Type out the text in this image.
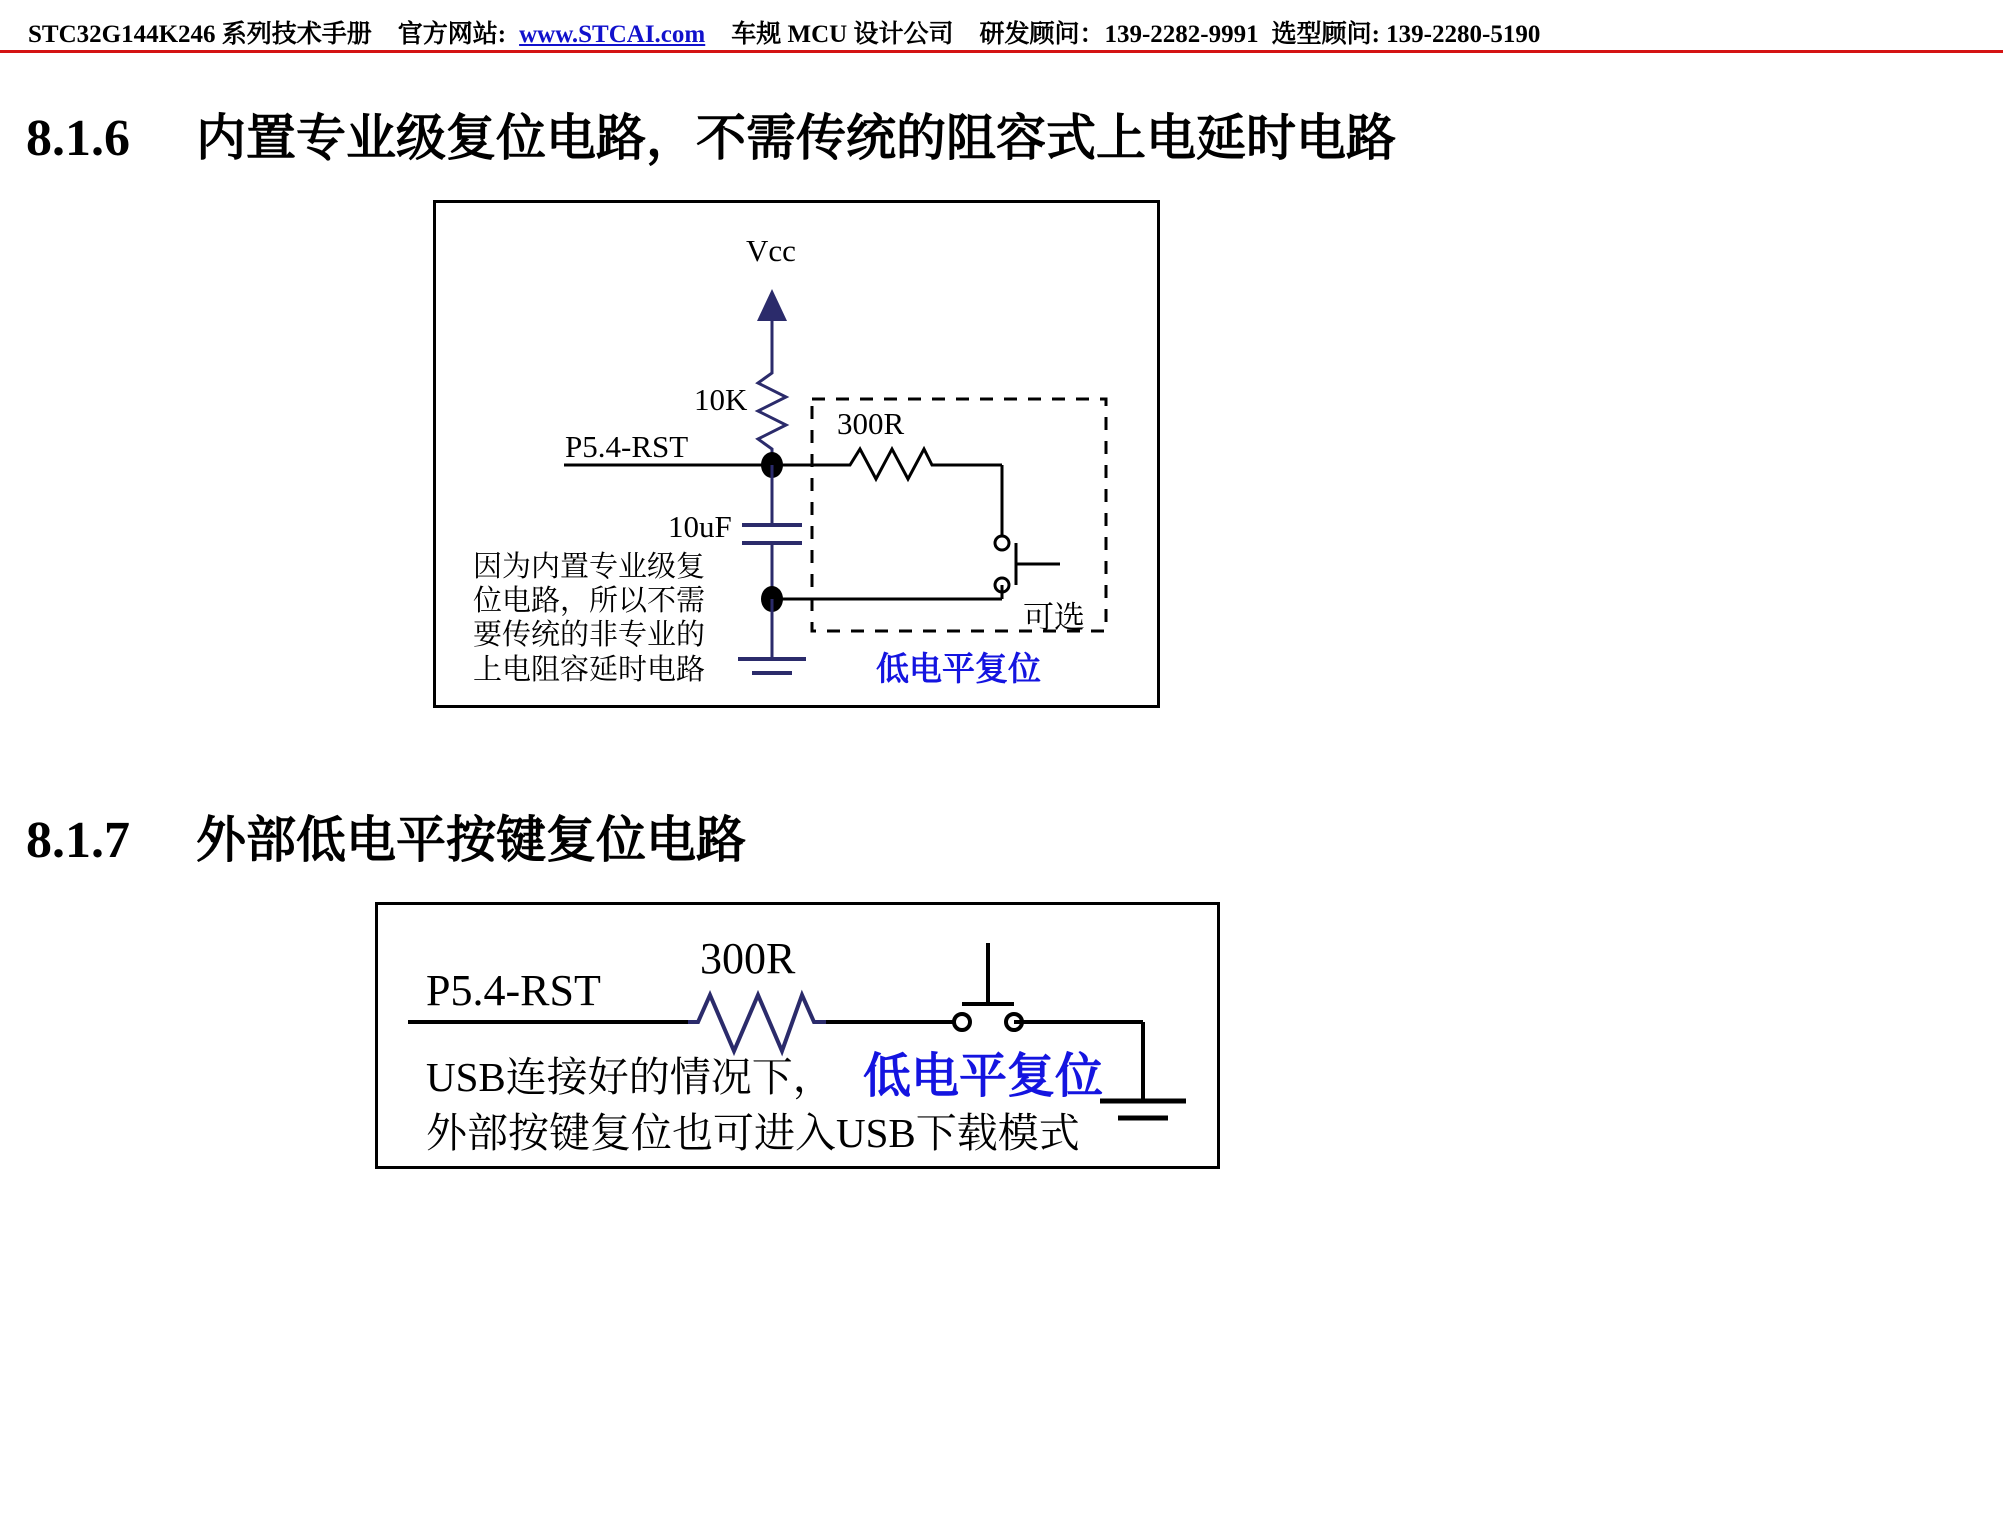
STC32G144K246 系列技术手册 官方网站: www.STCAI.com 车规 MCU 设计公司 研发顾问：139-2282-9991 选型顾问: 139-2280-5190
8.1.6 内置专业级复位电路，不需传统的阻容式上电延时电路
Vcc
10K
P5.4-RST
10uF
300R
可选
低电平复位
因为内置专业级复
位电路，所以不需
要传统的非专业的
上电阻容延时电路
8.1.7 外部低电平按键复位电路
P5.4-RST
300R
低电平复位
USB连接好的情况下，
外部按键复位也可进入USB下载模式
